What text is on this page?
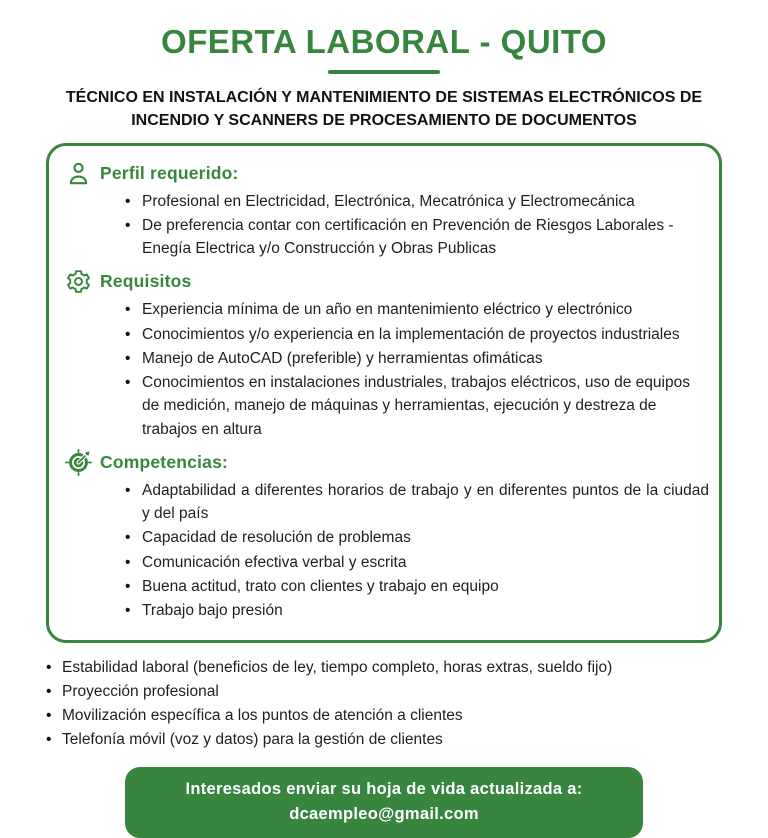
OFERTA LABORAL - QUITO
TÉCNICO EN INSTALACIÓN Y MANTENIMIENTO DE SISTEMAS ELECTRÓNICOS DE INCENDIO Y SCANNERS DE PROCESAMIENTO DE DOCUMENTOS
Perfil requerido:
• Profesional en Electricidad, Electrónica, Mecatrónica y Electromecánica
• De preferencia contar con certificación en Prevención de Riesgos Laborales - Enegía Electrica y/o Construcción y Obras Publicas
Requisitos
• Experiencia mínima de un año en mantenimiento eléctrico y electrónico
• Conocimientos y/o experiencia en la implementación de proyectos industriales
• Manejo de AutoCAD (preferible) y herramientas ofimáticas
• Conocimientos en instalaciones industriales, trabajos eléctricos, uso de equipos de medición, manejo de máquinas y herramientas, ejecución y destreza de trabajos en altura
Competencias:
• Adaptabilidad a diferentes horarios de trabajo y en diferentes puntos de la ciudad y del país
• Capacidad de resolución de problemas
• Comunicación efectiva verbal y escrita
• Buena actitud, trato con clientes y trabajo en equipo
• Trabajo bajo presión
• Estabilidad laboral (beneficios de ley, tiempo completo, horas extras, sueldo fijo)
• Proyección profesional
• Movilización específica a los puntos de atención a clientes
• Telefonía móvil (voz y datos) para la gestión de clientes
Interesados enviar su hoja de vida actualizada a:
dcaempleo@gmail.com
